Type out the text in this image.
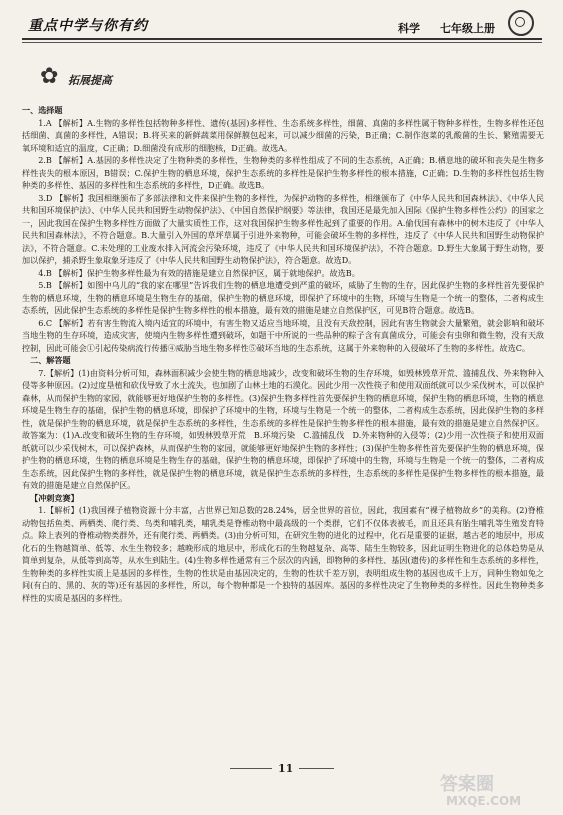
重点中学与你有约	科学 七年级上册
✿ 拓展提高

一、选择题

1.A 【解析】A.生物的多样性包括物种多样性、遗传(基因)多样性、生态系统多样性，细菌、真菌的多样性属于物种多样性，生物多样性还包括细菌、真菌的多样性，A错误；B.将买来的新鲜蔬菜用保鲜膜包起来，可以减少细菌的污染，B正确；C.制作泡菜的乳酸菌的生长、繁殖需要无氧环境和适宜的温度，C正确；D.细菌没有成形的细胞核，D正确。故选A。

2.B 【解析】A.基因的多样性决定了生物种类的多样性，生物种类的多样性组成了不同的生态系统，A正确；B.栖息地的破坏和丧失是生物多样性丧失的根本原因，B错误；C.保护生物的栖息环境，保护生态系统的多样性是保护生物多样性的根本措施，C正确；D.生物的多样性包括生物种类的多样性、基因的多样性和生态系统的多样性，D正确。故选B。

3.D 【解析】我国相继颁布了多部法律和文件来保护生物的多样性，为保护动物的多样性，相继颁布了《中华人民共和国森林法》、《中华人民共和国环境保护法》、《中华人民共和国野生动物保护法》、《中国自然保护纲要》等法律，我国还是最先加入国际《保护生物多样性公约》的国家之一，因此我国在保护生物多样性方面做了大量实质性工作，这对我国保护生物多样性起到了重要的作用。A.偷伐国有森林中的树木违反了《中华人民共和国森林法》，不符合题意。B.大量引入外国的草坪草属于引进外来物种，可能会破坏生物的多样性，违反了《中华人民共和国野生动物保护法》，不符合题意。C.未处理的工业废水排入河流会污染环境，违反了《中华人民共和国环境保护法》，不符合题意。D.野生大象属于野生动物，要加以保护，捕杀野生象取象牙违反了《中华人民共和国野生动物保护法》，符合题意。故选D。

4.B 【解析】保护生物多样性最为有效的措施是建立自然保护区，属于就地保护。故选B。

5.B 【解析】如图中乌儿的“我的家在哪里”告诉我们生物的栖息地遭受到严重的破坏，威胁了生物的生存，因此保护生物的多样性首先要保护生物的栖息环境，生物的栖息环境是生物生存的基础，保护生物的栖息环境，即保护了环境中的生物，环境与生物是一个统一的整体，二者构成生态系统，因此保护生态系统的多样性是保护生物多样性的根本措施，最有效的措施是建立自然保护区，可见B符合题意。故选B。

6.C 【解析】若有害生物流入境内适宜的环境中，有害生物又适应当地环境，且没有天敌控制，因此有害生物就会大量繁殖，就会影响和破坏当地生物的生存环境，造成灾害，使境内生物多样性遭到破坏，如题干中所说的一些品种的粽子含有真菌成分，可能会有虫卵和微生物，没有天敌控制，因此可能会①引起传染病流行传播④威胁当地生物多样性⑤破坏当地的生态系统，这属于外来物种的入侵破坏了生物的多样性。故选C。

二、解答题

7.【解析】(1)由资料分析可知，森林面积减少会使生物的栖息地减少，改变和破坏生物的生存环境，如毁林毁草开荒、滥捕乱伐、外来物种入侵等多种原因。(2)过度垦植和砍伐导致了水土流失，也加剧了山林土地的石漠化。因此少用一次性筷子和使用双面纸就可以少采伐树木，可以保护森林，从而保护生物的家园，就能够更好地保护生物的多样性。(3)保护生物多样性首先要保护生物的栖息环境，保护生物的栖息环境，生物的栖息环境是生物生存的基础，保护生物的栖息环境，即保护了环境中的生物，环境与生物是一个统一的整体，二者构成生态系统，因此保护生物的多样性，就是保护生物的栖息环境，就是保护生态系统的多样性，生态系统的多样性是保护生物多样性的根本措施，最有效的措施是建立自然保护区。故答案为：(1)A.改变和破坏生物的生存环境，如毁林毁草开荒　B.环境污染　C.滥捕乱伐　D.外来物种的入侵等；(2)少用一次性筷子和使用双面纸就可以少采伐树木，可以保护森林，从而保护生物的家园，就能够更好地保护生物的多样性；(3)保护生物多样性首先要保护生物的栖息环境，保护生物的栖息环境，生物的栖息环境是生物生存的基础，保护生物的栖息环境，即保护了环境中的生物，环境与生物是一个统一的整体，二者构成生态系统，因此保护生物的多样性，就是保护生物的栖息环境，就是保护生态系统的多样性，生态系统的多样性是保护生物多样性的根本措施，最有效的措施是建立自然保护区。

【冲刺竞赛】

1.【解析】(1)我国裸子植物资源十分丰富，占世界已知总数的28.24%，居全世界的首位，因此，我国素有“裸子植物故乡”的美称。(2)脊椎动物包括鱼类、两栖类、爬行类、鸟类和哺乳类，哺乳类是脊椎动物中最高级的一个类群，它们不仅体表被毛，而且还具有胎生哺乳等生殖发育特点。除上表列的脊椎动物类群外，还有爬行类、两栖类。(3)由分析可知，在研究生物的进化的过程中，化石是重要的证据，越古老的地层中，形成化石的生物越简单、低等、水生生物较多；越晚形成的地层中，形成化石的生物越复杂、高等、陆生生物较多，因此证明生物进化的总体趋势是从简单到复杂，从低等到高等，从水生到陆生。(4)生物多样性通常有三个层次的内涵，即物种的多样性、基因(遗传)的多样性和生态系统的多样性，生物种类的多样性实质上是基因的多样性，生物的性状是由基因决定的，生物的性状千差万别，表明组成生物的基因也成千上万，同种生物如兔之间(有白的、黑的、灰的等)还有基因的多样性，所以，每个物种都是一个独特的基因库。基因的多样性决定了生物种类的多样性。因此生物种类多样性的实质是基因的多样性。

11
答案圈
MXQE.COM
